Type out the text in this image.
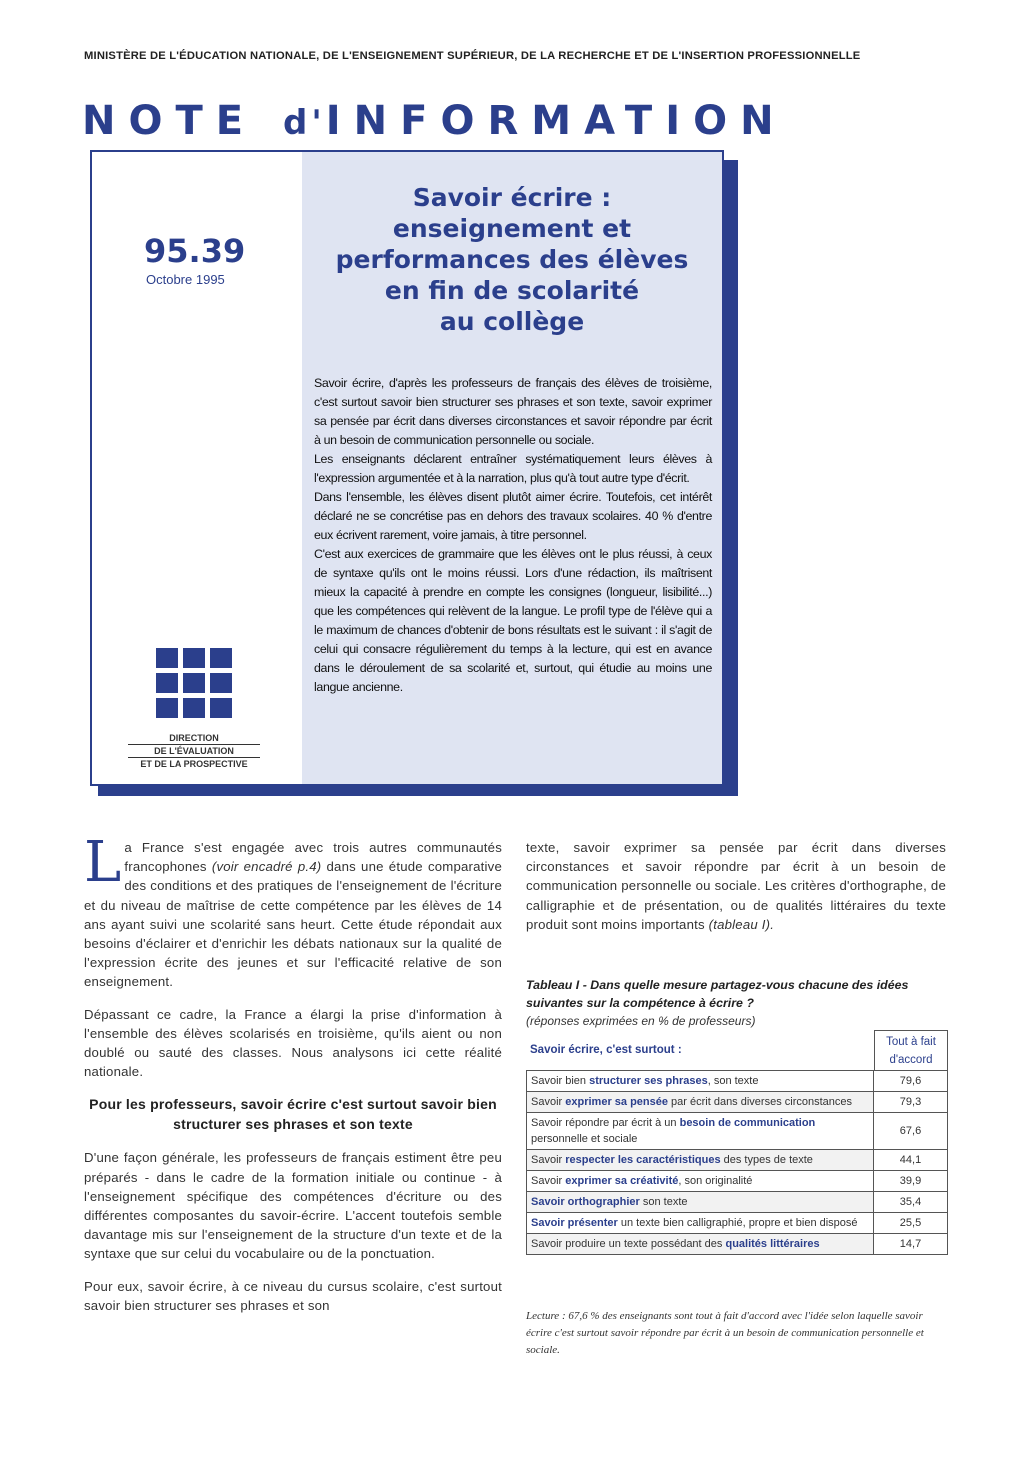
MINISTÈRE DE L'ÉDUCATION NATIONALE, DE L'ENSEIGNEMENT SUPÉRIEUR, DE LA RECHERCHE ET DE L'INSERTION PROFESSIONNELLE
NOTE d'INFORMATION
95.39
Octobre 1995
DIRECTION
DE L'ÉVALUATION
ET DE LA PROSPECTIVE
Savoir écrire :
enseignement et
performances des élèves
en fin de scolarité
au collège

Savoir écrire, d'après les professeurs de français des élèves de troisième, c'est surtout savoir bien structurer ses phrases et son texte, savoir exprimer sa pensée par écrit dans diverses circonstances et savoir répondre par écrit à un besoin de communication personnelle ou sociale.

Les enseignants déclarent entraîner systématiquement leurs élèves à l'expression argumentée et à la narration, plus qu'à tout autre type d'écrit.

Dans l'ensemble, les élèves disent plutôt aimer écrire. Toutefois, cet intérêt déclaré ne se concrétise pas en dehors des travaux scolaires. 40 % d'entre eux écrivent rarement, voire jamais, à titre personnel.

C'est aux exercices de grammaire que les élèves ont le plus réussi, à ceux de syntaxe qu'ils ont le moins réussi. Lors d'une rédaction, ils maîtrisent mieux la capacité à prendre en compte les consignes (longueur, lisibilité...) que les compétences qui relèvent de la langue. Le profil type de l'élève qui a le maximum de chances d'obtenir de bons résultats est le suivant : il s'agit de celui qui consacre régulièrement du temps à la lecture, qui est en avance dans le déroulement de sa scolarité et, surtout, qui étudie au moins une langue ancienne.

La France s'est engagée avec trois autres communautés francophones (voir encadré p.4) dans une étude comparative des conditions et des pratiques de l'enseignement de l'écriture et du niveau de maîtrise de cette compétence par les élèves de 14 ans ayant suivi une scolarité sans heurt. Cette étude répondait aux besoins d'éclairer et d'enrichir les débats nationaux sur la qualité de l'expression écrite des jeunes et sur l'efficacité relative de son enseignement.

Dépassant ce cadre, la France a élargi la prise d'information à l'ensemble des élèves scolarisés en troisième, qu'ils aient ou non doublé ou sauté des classes. Nous analysons ici cette réalité nationale.

Pour les professeurs, savoir écrire c'est surtout savoir bien structurer ses phrases et son texte

D'une façon générale, les professeurs de français estiment être peu préparés - dans le cadre de la formation initiale ou continue - à l'enseignement spécifique des compétences d'écriture ou des différentes composantes du savoir-écrire. L'accent toutefois semble davantage mis sur l'enseignement de la structure d'un texte et de la syntaxe que sur celui du vocabulaire ou de la ponctuation.

Pour eux, savoir écrire, à ce niveau du cursus scolaire, c'est surtout savoir bien structurer ses phrases et son

texte, savoir exprimer sa pensée par écrit dans diverses circonstances et savoir répondre par écrit à un besoin de communication personnelle ou sociale. Les critères d'orthographe, de calligraphie et de présentation, ou de qualités littéraires du texte produit sont moins importants (tableau I).

Tableau I - Dans quelle mesure partagez-vous chacune des idées suivantes sur la compétence à écrire ?
(réponses exprimées en % de professeurs)
Savoir écrire, c'est surtout :
Tout à fait
d'accord
Savoir bien structurer ses phrases, son texte	79,6
Savoir exprimer sa pensée par écrit dans diverses circonstances	79,3
Savoir répondre par écrit à un besoin de communication personnelle et sociale
67,6
Savoir respecter les caractéristiques des types de texte	44,1
Savoir exprimer sa créativité, son originalité	39,9
Savoir orthographier son texte	35,4
Savoir présenter un texte bien calligraphié, propre et bien disposé	25,5
Savoir produire un texte possédant des qualités littéraires	14,7
Lecture : 67,6 % des enseignants sont tout à fait d'accord avec l'idée selon laquelle savoir écrire c'est surtout savoir répondre par écrit à un besoin de communication personnelle et sociale.
